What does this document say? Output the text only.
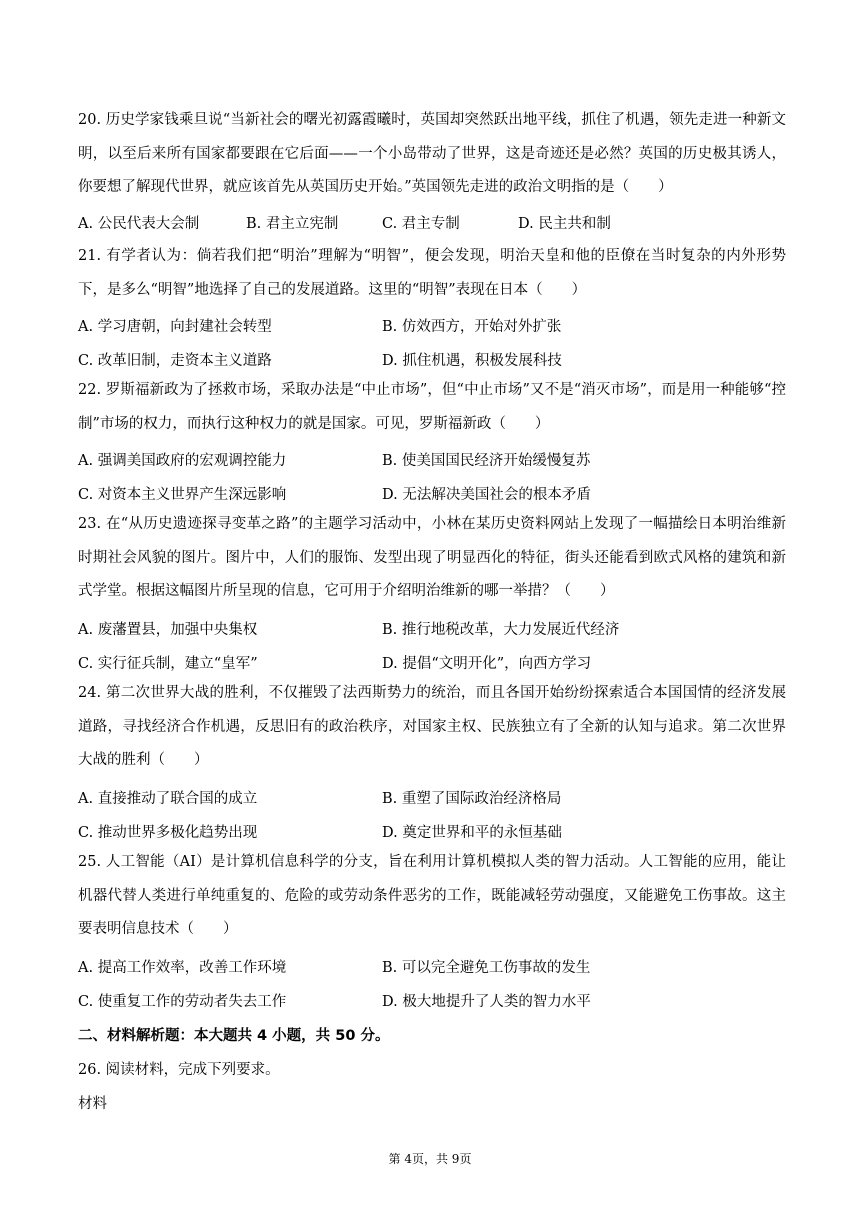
20. 历史学家钱乘旦说“当新社会的曙光初露霞曦时，英国却突然跃出地平线，抓住了机遇，领先走进一种新文明，以至后来所有国家都要跟在它后面——一个小岛带动了世界，这是奇迹还是必然？英国的历史极其诱人，你要想了解现代世界，就应该首先从英国历史开始。”英国领先走进的政治文明指的是（　　）
A. 公民代表大会制	B. 君主立宪制	C. 君主专制	D. 民主共和制
21. 有学者认为：倘若我们把“明治”理解为“明智”，便会发现，明治天皇和他的臣僚在当时复杂的内外形势下，是多么“明智”地选择了自己的发展道路。这里的“明智”表现在日本（　　）
A. 学习唐朝，向封建社会转型	B. 仿效西方，开始对外扩张
C. 改革旧制，走资本主义道路	D. 抓住机遇，积极发展科技
22. 罗斯福新政为了拯救市场，采取办法是“中止市场”，但“中止市场”又不是“消灭市场”，而是用一种能够“控制”市场的权力，而执行这种权力的就是国家。可见，罗斯福新政（　　）
A. 强调美国政府的宏观调控能力	B. 使美国国民经济开始缓慢复苏
C. 对资本主义世界产生深远影响	D. 无法解决美国社会的根本矛盾
23. 在“从历史遗迹探寻变革之路”的主题学习活动中，小林在某历史资料网站上发现了一幅描绘日本明治维新时期社会风貌的图片。图片中，人们的服饰、发型出现了明显西化的特征，街头还能看到欧式风格的建筑和新式学堂。根据这幅图片所呈现的信息，它可用于介绍明治维新的哪一举措？（　　）
A. 废藩置县，加强中央集权	B. 推行地税改革，大力发展近代经济
C. 实行征兵制，建立“皇军”	D. 提倡“文明开化”，向西方学习
24. 第二次世界大战的胜利，不仅摧毁了法西斯势力的统治，而且各国开始纷纷探索适合本国国情的经济发展道路，寻找经济合作机遇，反思旧有的政治秩序，对国家主权、民族独立有了全新的认知与追求。第二次世界大战的胜利（　　）
A. 直接推动了联合国的成立	B. 重塑了国际政治经济格局
C. 推动世界多极化趋势出现	D. 奠定世界和平的永恒基础
25. 人工智能（AI）是计算机信息科学的分支，旨在利用计算机模拟人类的智力活动。人工智能的应用，能让机器代替人类进行单纯重复的、危险的或劳动条件恶劣的工作，既能减轻劳动强度，又能避免工伤事故。这主要表明信息技术（　　）
A. 提高工作效率，改善工作环境	B. 可以完全避免工伤事故的发生
C. 使重复工作的劳动者失去工作	D. 极大地提升了人类的智力水平
二、材料解析题：本大题共 4 小题，共 50 分。
26. 阅读材料，完成下列要求。
材料
第 4页，共 9页
